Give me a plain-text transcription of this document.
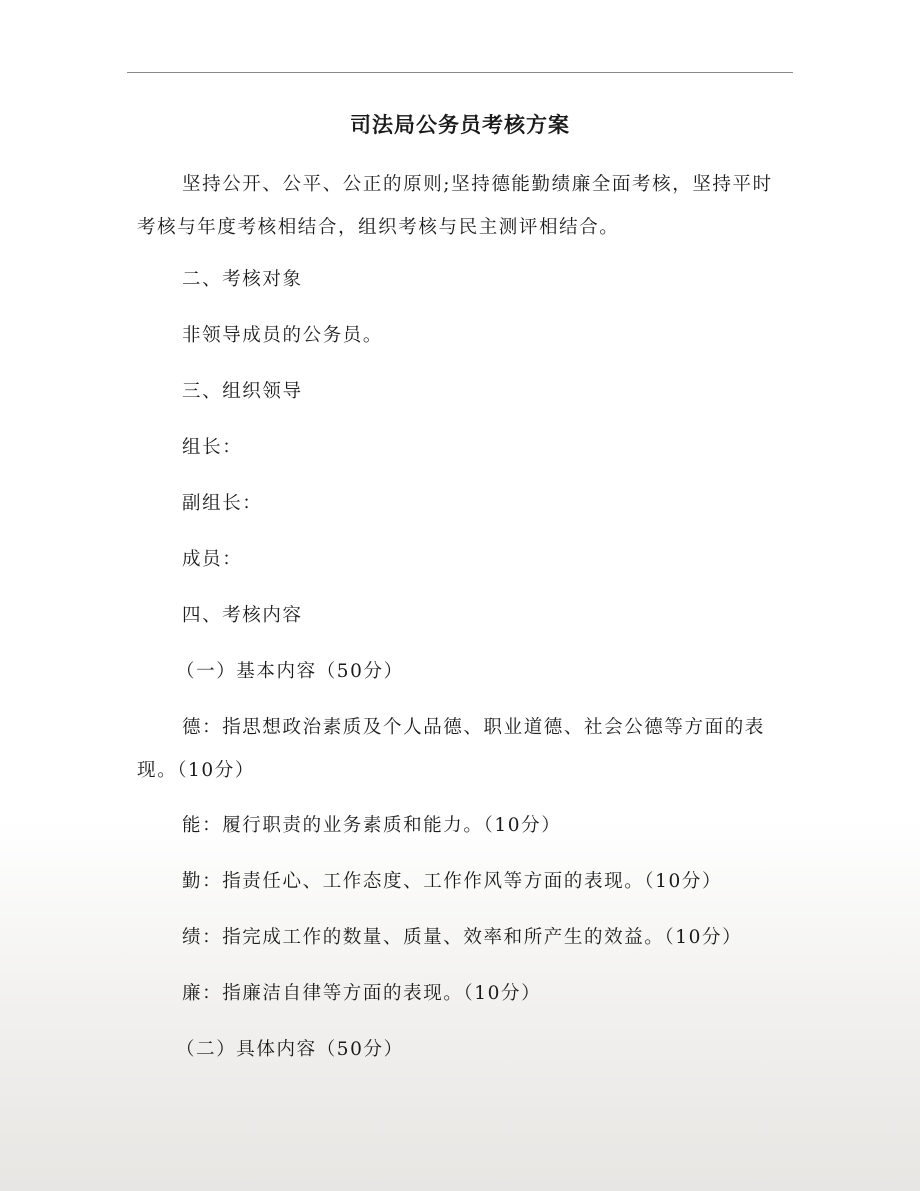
司法局公务员考核方案
坚持公开、公平、公正的原则;坚持德能勤绩廉全面考核，坚持平时考核与年度考核相结合，组织考核与民主测评相结合。
二、考核对象
非领导成员的公务员。
三、组织领导
组长：
副组长：
成员：
四、考核内容
（一）基本内容（50分）
德：指思想政治素质及个人品德、职业道德、社会公德等方面的表现。（10分）
能：履行职责的业务素质和能力。（10分）
勤：指责任心、工作态度、工作作风等方面的表现。（10分）
绩：指完成工作的数量、质量、效率和所产生的效益。（10分）
廉：指廉洁自律等方面的表现。（10分）
（二）具体内容（50分）
